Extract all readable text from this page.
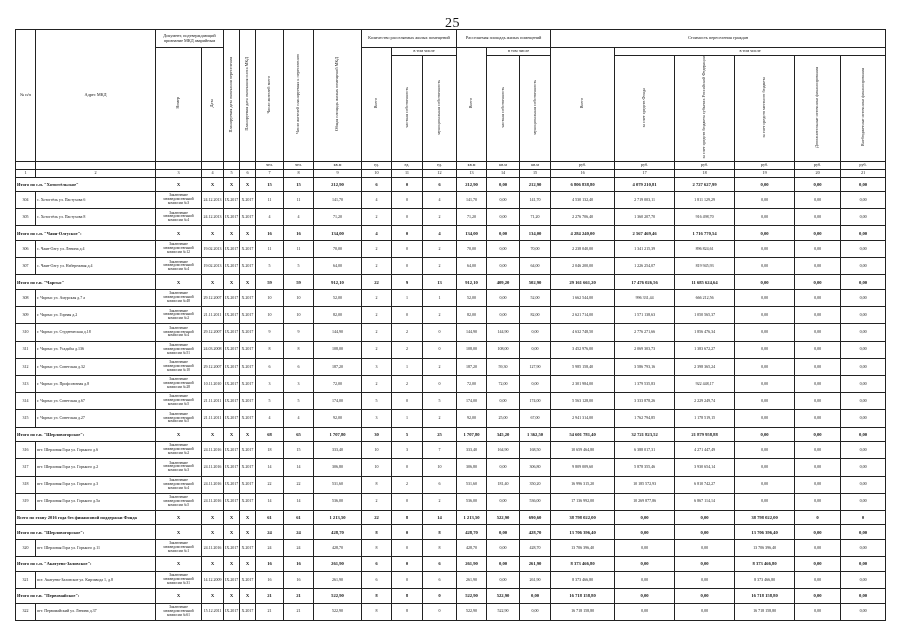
25
№ п/п	Адрес МКД	Документ, подтверждающий признание МКД аварийным		Планируемая дата окончания переселения	Планируемая дата окончания сноса МКД	Число жителей всего	Число жителей планируемых к переселению	Общая площадь жилых помещений МКД	Количество расселяемых жилых помещений			Расселяемая площадь жилых помещений			Стоимость переселения граждан					
		Номер	Дата						Всего	в том числе		Всего	в том числе		Всего	в том числе				
										частная собственность	муниципальная собственность		частная собственность	муниципальная собственность		за счет средств Фонда	за счет средств бюджета субъекта Российской Федерации	за счет средств местного бюджета	Дополнительные источники финансирования	Внебюджетные источники финансирования
						чел.	чел.	кв.м	ед.	ед.	ед.	кв.м	кв.м	кв.м	руб.	руб.	руб.	руб.	руб.	руб.
1	2	3	4	5	6	7	8	9	10	11	12	13	14	15	16	17	18	19	20	21
Итого по с.п. "Хотоггёльское"		X	X	X	X	15	15	212,90	6	0	6	212,90	0,00	212,90	6 806 838,80	4 079 210,81	2 727 627,99	0,00	0,00	0,00
304	с. Хотоггёль ул. Пастухова 6	Заключение межведомственной комиссии №3	24.12.2013	IX.2017	X.2017	11	11	141,70	4	0	4	141,70	0,00	141,70	4 530 132,40	2 719 003,11	1 811 129,29	0,00	0,00	0,00
305	с. Хотоггёль ул. Пастухова 8	Заключение межведомственной комиссии №4	24.12.2013	IX.2017	X.2017	4	4	71,20	2	0	2	71,20	0,00	71,20	2 276 706,40	1 360 207,70	916 498,70	0,00	0,00	0,00
Итого по с.п. "Чаян-Олгуское":		X	X	X	X	16	16	134,00	4	0	4	134,00	0,00	134,00	4 284 240,00	2 567 469,46	1 716 770,54	0,00	0,00	0,00
306	с. Чаян-Олгу ул. Ленина д.4	Заключение межведомственной комиссии №12	19.02.2013	IX.2017	X.2017	11	11	70,00	2	0	2	70,00	0,00	70,00	2 238 040,00	1 341 215,39	896 824,61	0,00	0,00	0,00
307	с. Чаян-Олгу ул. Набережная д.4	Заключение межведомственной комиссии №4	19.02.2013	IX.2017	X.2017	5	5	64,00	2	0	2	64,00	0,00	64,00	2 046 200,00	1 226 254,07	819 945,93	0,00	0,00	0,00
Итого по г.п. "Чаргыс"		X	X	X	X	59	59	912,10	22	9	13	912,10	409,20	502,90	29 161 661,20	17 476 026,56	11 685 624,64	0,00	0,00	0,00
308	г. Чаргыс ул. Амурская д.7 а	Заключение межведомственной комиссии №48	29.12.2007	IX.2017	X.2017	10	10	52,00	2	1	1	52,00	0,00	52,00	1 662 544,00	996 331,44	666 212,56	0,00	0,00	0,00
309	г. Чаргыс ул. Горная д.2	Заключение межведомственной комиссии №2	21.11.2011	IX.2017	X.2017	10	10	82,00	2	0	2	82,00	0,00	82,00	2 621 714,00	1 571 138,63	1 050 565,37	0,00	0,00	0,00
310	г. Чаргыс ул. Студенческая д.18	Заключение межведомственной комиссии №4	29.12.2007	IX.2017	X.2017	9	9	144,90	2	2	0	144,90	144,90	0,00	4 632 748,50	2 776 271,66	1 856 476,34	0,00	0,00	0,00
311	г. Чаргыс ул. Усадьбы д.136	Заключение межведомственной комиссии №51	24.03.2008	IX.2017	X.2017	8	8	108,00	2	2	0	108,00	108,00	0,00	3 452 976,00	2 069 303,73	1 383 672,27	0,00	0,00	0,00
312	г. Чаргыс ул. Советская д.32	Заключение межведомственной комиссии №10	29.12.2007	IX.2017	X.2017	6	6	187,20	3	1	2	187,20	59,30	127,90	5 985 158,40	3 586 793,16	2 398 365,24	0,00	0,00	0,00
313	г. Чаргыс ул. Профсоюзная д.8	Заключение межведомственной комиссии №28	10.11.2010	IX.2017	X.2017	3	3	72,00	2	2	0	72,00	72,00	0,00	2 301 984,00	1 379 535,83	922 448,17	0,00	0,00	0,00
314	г. Чаргыс ул. Советская д.67	Заключение межведомственной комиссии №5	21.11.2011	IX.2017	X.2017	5	5	174,00	5	0	5	174,00	0,00	174,00	5 563 128,00	3 333 878,26	2 229 249,74	0,00	0,00	0,00
315	г. Чаргыс ул. Советская д.27	Заключение межведомственной комиссии №5	21.11.2011	IX.2017	X.2017	4	4	92,00	3	1	2	92,00	25,00	67,00	2 941 314,00	1 762 794,85	1 178 519,15	0,00	0,00	0,00
Итого по г.п. "Шерловогорское":		X	X	X	X	68	65	1 707,80	30	5	25	1 707,80	345,20	1 362,50	54 601 781,40	32 721 823,52	21 879 958,88	0,00	0,00	0,00
316	пгт. Шерловая Гора ул. Горького д.6	Заключение межведомственной комиссии №2	24.11.2016	IX.2017	X.2017	18	15	333,40	10	3	7	333,40	164,90	168,50	10 659 464,80	6 388 017,31	4 271 447,49	0,00	0,00	0,00
317	пгт. Шерловая Гора ул. Горького д.2	Заключение межведомственной комиссии №3	24.11.2016	IX.2017	X.2017	14	14	306,80	10	0	10	306,80	0,00	306,80	9 809 009,60	5 878 355,46	3 930 654,14	0,00	0,00	0,00
318	пгт. Шерловая Гора ул. Горького д.3	Заключение межведомственной комиссии №4	24.11.2016	IX.2017	X.2017	22	22	531,60	8	2	6	531,60	181,40	350,20	16 996 315,20	10 185 572,93	6 810 742,27	0,00	0,00	0,00
319	пгт. Шерловая Гора ул. Горького д.5а	Заключение межведомственной комиссии №5	24.11.2016	IX.2017	X.2017	14	14	536,00	2	0	2	536,00	0,00	536,00	17 136 992,00	10 269 877,86	6 867 114,14	0,00	0,00	0,00
Всего по этапу 2016 года без финансовой поддержки Фонда		X	X	X	X	61	61	1 213,50	22	8	14	1 213,50	522,90	690,60	38 798 022,00	0,00	0,00	38 798 022,00	0	0
Итого по г.п. "Шерловогорское":		X	X	X	X	24	24	428,70	8	0	8	428,70	0,00	428,70	13 706 396,40	0,00	0,00	13 706 396,40	0,00	0,00
320	пгт. Шерловая Гора ул. Горького д.11	Заключение межведомственной комиссии №1	24.11.2016	IX.2017	X.2017	24	24	428,70	8	0	8	428,70	0,00	428,70	13 706 396,40	0,00	0,00	13 706 396,40	0,00	0,00
Итого по с.п. "Акатуево-Заловское":		X	X	X	X	16	16	261,90	6	0	6	261,90	0,00	261,90	8 373 466,80	0,00	0,00	8 373 466,80	0,00	0,00
321	пст. Акатуево-Заловское ул. Кирзавода 1, д.8	Заключение межведомственной комиссии №31	14.12.2009	IX.2017	X.2017	16	16	261,90	6	0	6	261,90	0,00	261,90	8 373 466,80	0,00	0,00	8 373 466,80	0,00	0,00
Итого по г.п. "Первомайское":		X	X	X	X	21	21	522,90	8	8	0	522,90	522,90	0,00	16 718 158,80	0,00	0,00	16 718 158,80	0,00	0,00
322	пгт. Первомайский ул. Ленина д.37	Заключение межведомственной комиссии №61	15.12.2011	IX.2017	X.2017	21	21	522,90	8	8	0	522,90	522,90	0,00	16 718 158,80	0,00	0,00	16 718 158,80	0,00	0,00
